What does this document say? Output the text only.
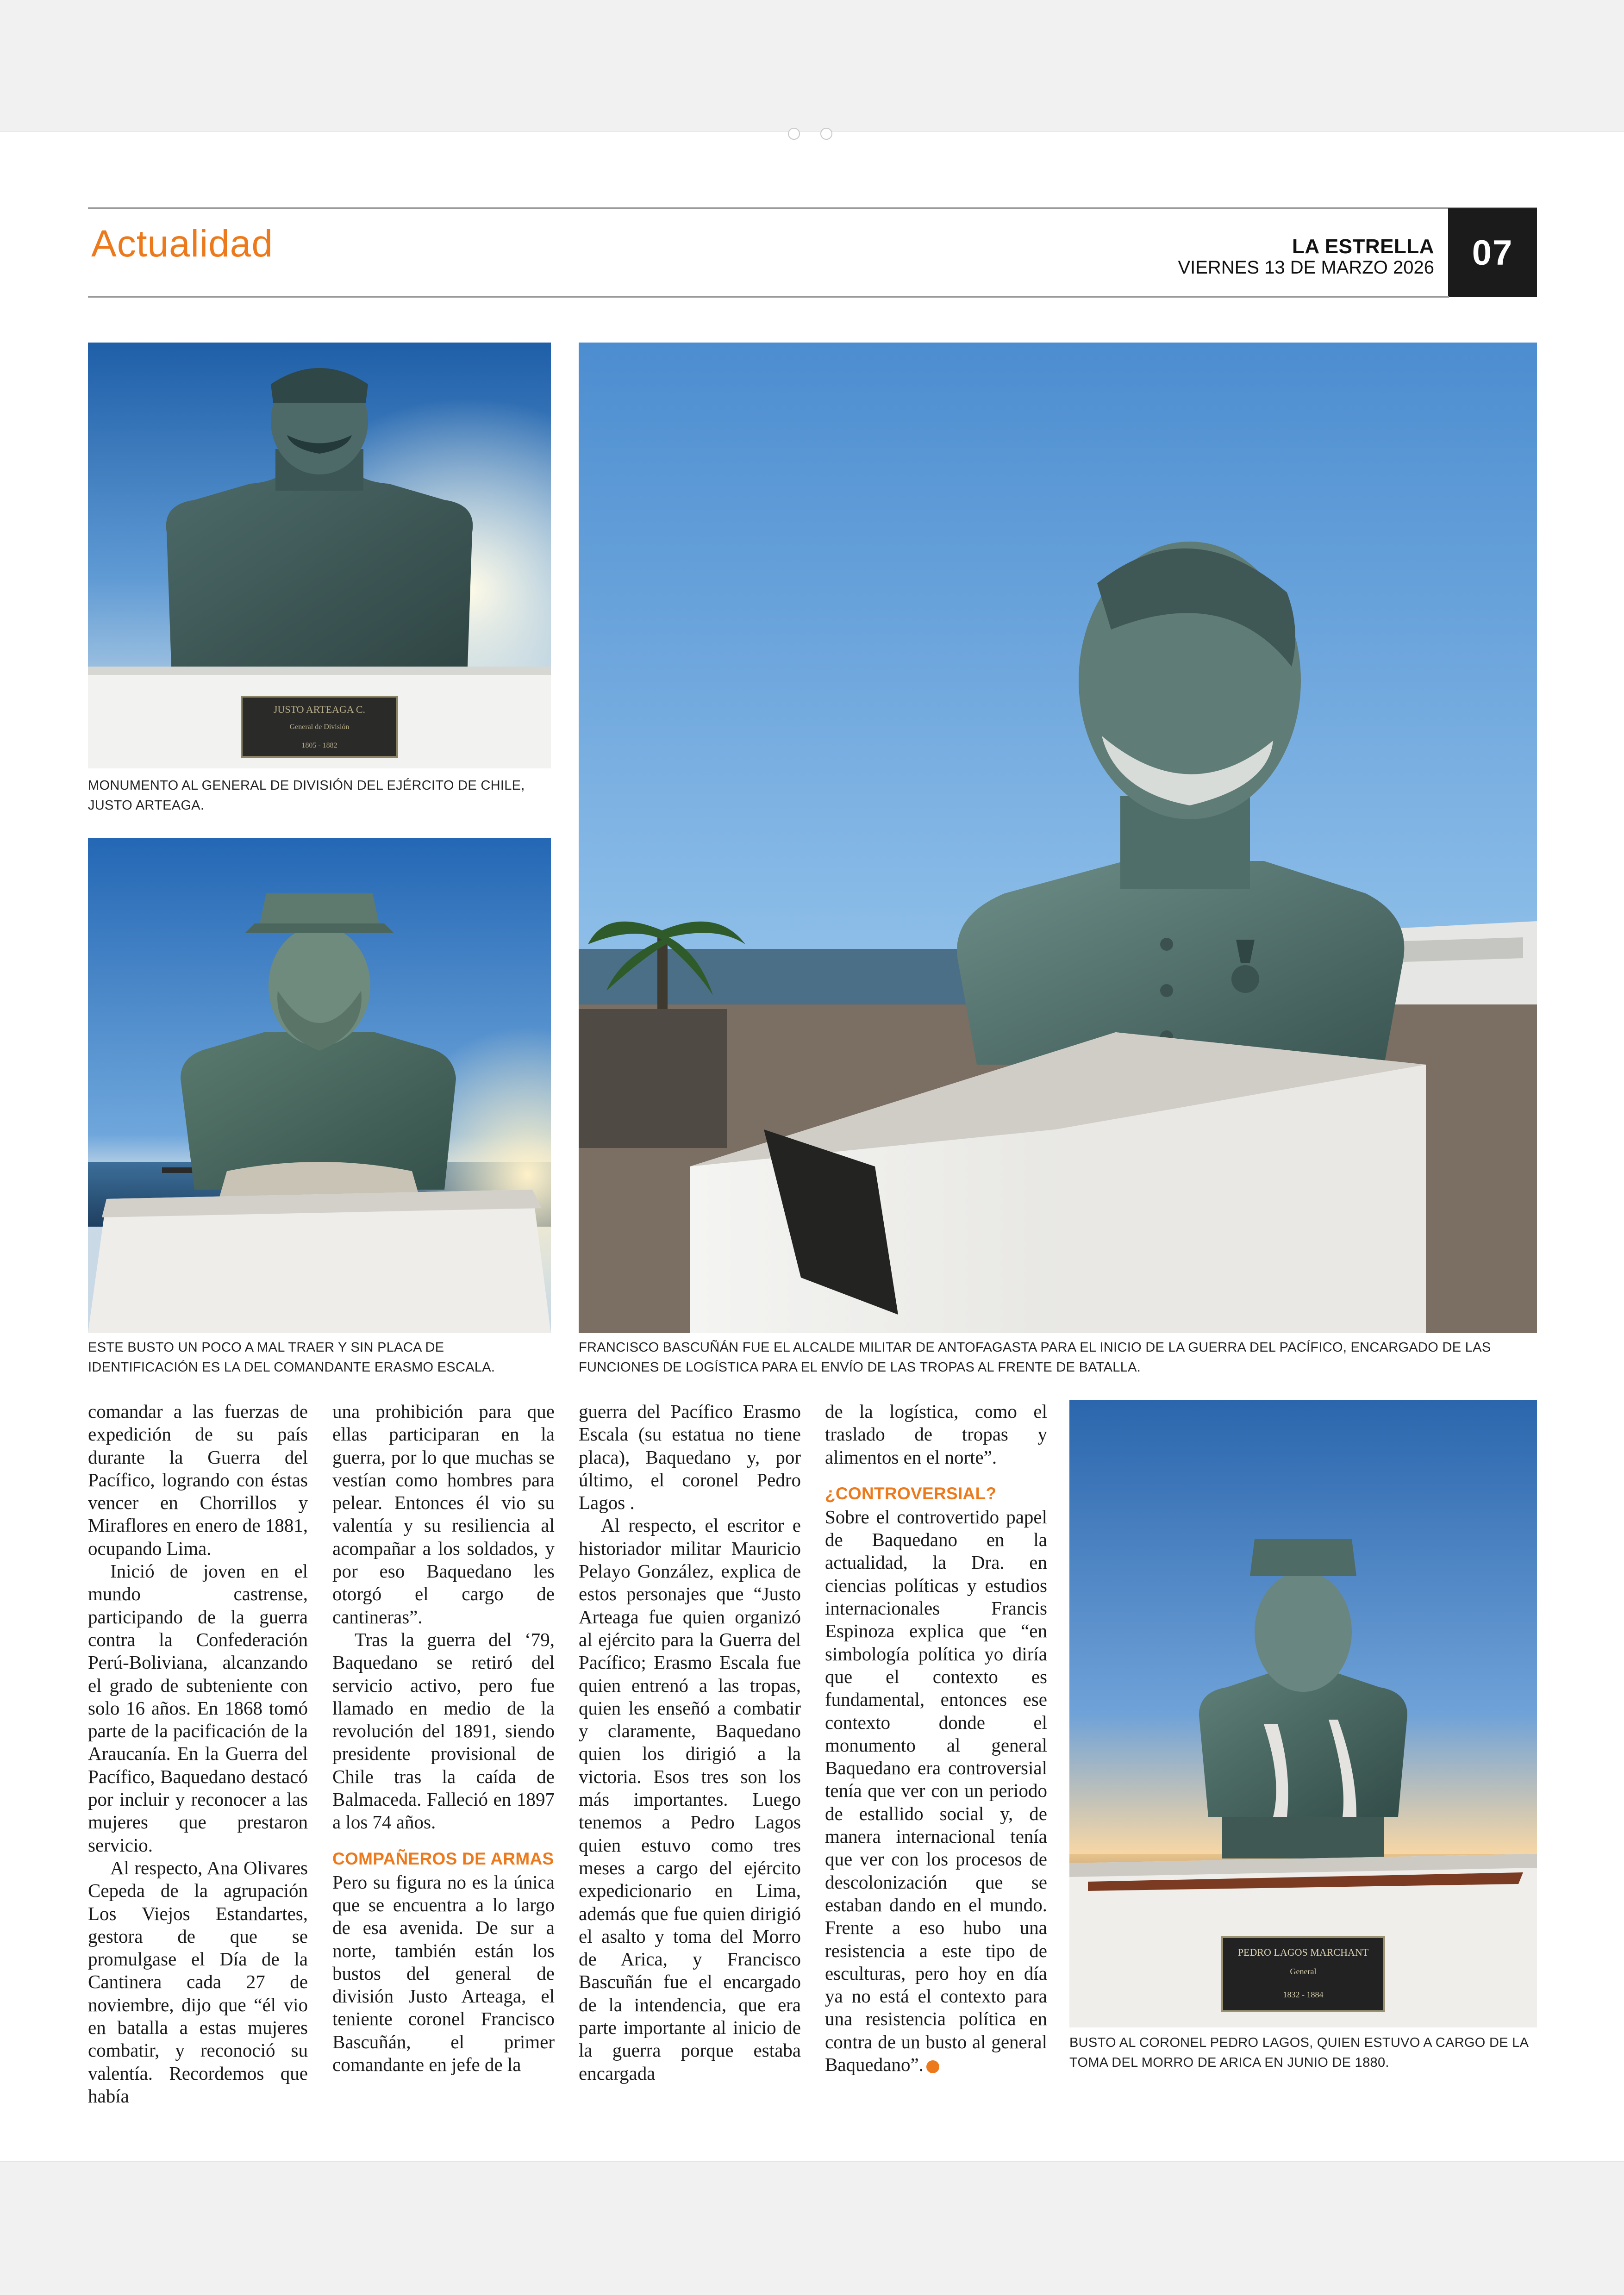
Actualidad	LA ESTRELLA
VIERNES 13 DE MARZO 2026	07
JUSTO ARTEAGA C.
General de División
1805 - 1882
MONUMENTO AL GENERAL DE DIVISIÓN DEL EJÉRCITO DE CHILE, JUSTO ARTEAGA.
ESTE BUSTO UN POCO A MAL TRAER Y SIN PLACA DE IDENTIFICACIÓN ES LA DEL COMANDANTE ERASMO ESCALA.
FRANCISCO BASCUÑÁN FUE EL ALCALDE MILITAR DE ANTOFAGASTA PARA EL INICIO DE LA GUERRA DEL PACÍFICO, ENCARGADO DE LAS FUNCIONES DE LOGÍSTICA PARA EL ENVÍO DE LAS TROPAS AL FRENTE DE BATALLA.
PEDRO LAGOS MARCHANT
General
1832 - 1884
BUSTO AL CORONEL PEDRO LAGOS, QUIEN ESTUVO A CARGO DE LA TOMA DEL MORRO DE ARICA EN JUNIO DE 1880.

comandar a las fuerzas de expedición de su país durante la Guerra del Pacífico, logrando con éstas vencer en Chorrillos y Miraflores en enero de 1881, ocupando Lima.

Inició de joven en el mundo castrense, participando de la guerra contra la Confederación Perú-Boliviana, alcanzando el grado de subteniente con solo 16 años. En 1868 tomó parte de la pacificación de la Araucanía. En la Guerra del Pacífico, Baquedano destacó por incluir y reconocer a las mujeres que prestaron servicio.

Al respecto, Ana Olivares Cepeda de la agrupación Los Viejos Estandartes, gestora de que se promulgase el Día de la Cantinera cada 27 de noviembre, dijo que “él vio en batalla a estas mujeres combatir, y reconoció su valentía. Recordemos que había

una prohibición para que ellas participaran en la guerra, por lo que muchas se vestían como hombres para pelear. Entonces él vio su valentía y su resiliencia al acompañar a los soldados, y por eso Baquedano les otorgó el cargo de cantineras”.

Tras la guerra del ‘79, Baquedano se retiró del servicio activo, pero fue llamado en medio de la revolución del 1891, siendo presidente provisional de Chile tras la caída de Balmaceda. Falleció en 1897 a los 74 años.

COMPAÑEROS DE ARMAS

Pero su figura no es la única que se encuentra a lo largo de esa avenida. De sur a norte, también están los bustos del general de división Justo Arteaga, el teniente coronel Francisco Bascuñán, el primer comandante en jefe de la

guerra del Pacífico Erasmo Escala (su estatua no tiene placa), Baquedano y, por último, el coronel Pedro Lagos .

Al respecto, el escritor e historiador militar Mauricio Pelayo González, explica de estos personajes que “Justo Arteaga fue quien organizó al ejército para la Guerra del Pacífico; Erasmo Escala fue quien entrenó a las tropas, quien les enseñó a combatir y claramente, Baquedano quien los dirigió a la victoria. Esos tres son los más importantes. Luego tenemos a Pedro Lagos quien estuvo como tres meses a cargo del ejército expedicionario en Lima, además que fue quien dirigió el asalto y toma del Morro de Arica, y Francisco Bascuñán fue el encargado de la intendencia, que era parte importante al inicio de la guerra porque estaba encargada

de la logística, como el traslado de tropas y alimentos en el norte”.

¿CONTROVERSIAL?

Sobre el controvertido papel de Baquedano en la actualidad, la Dra. en ciencias políticas y estudios internacionales Francis Espinoza explica que “en simbología política yo diría que el contexto es fundamental, entonces ese contexto donde el monumento al general Baquedano era controversial tenía que ver con un periodo de estallido social y, de manera internacional tenía que ver con los procesos de descolonización que se estaban dando en el mundo. Frente a eso hubo una resistencia a este tipo de esculturas, pero hoy en día ya no está el contexto para una resistencia política en contra de un busto al general Baquedano”.
